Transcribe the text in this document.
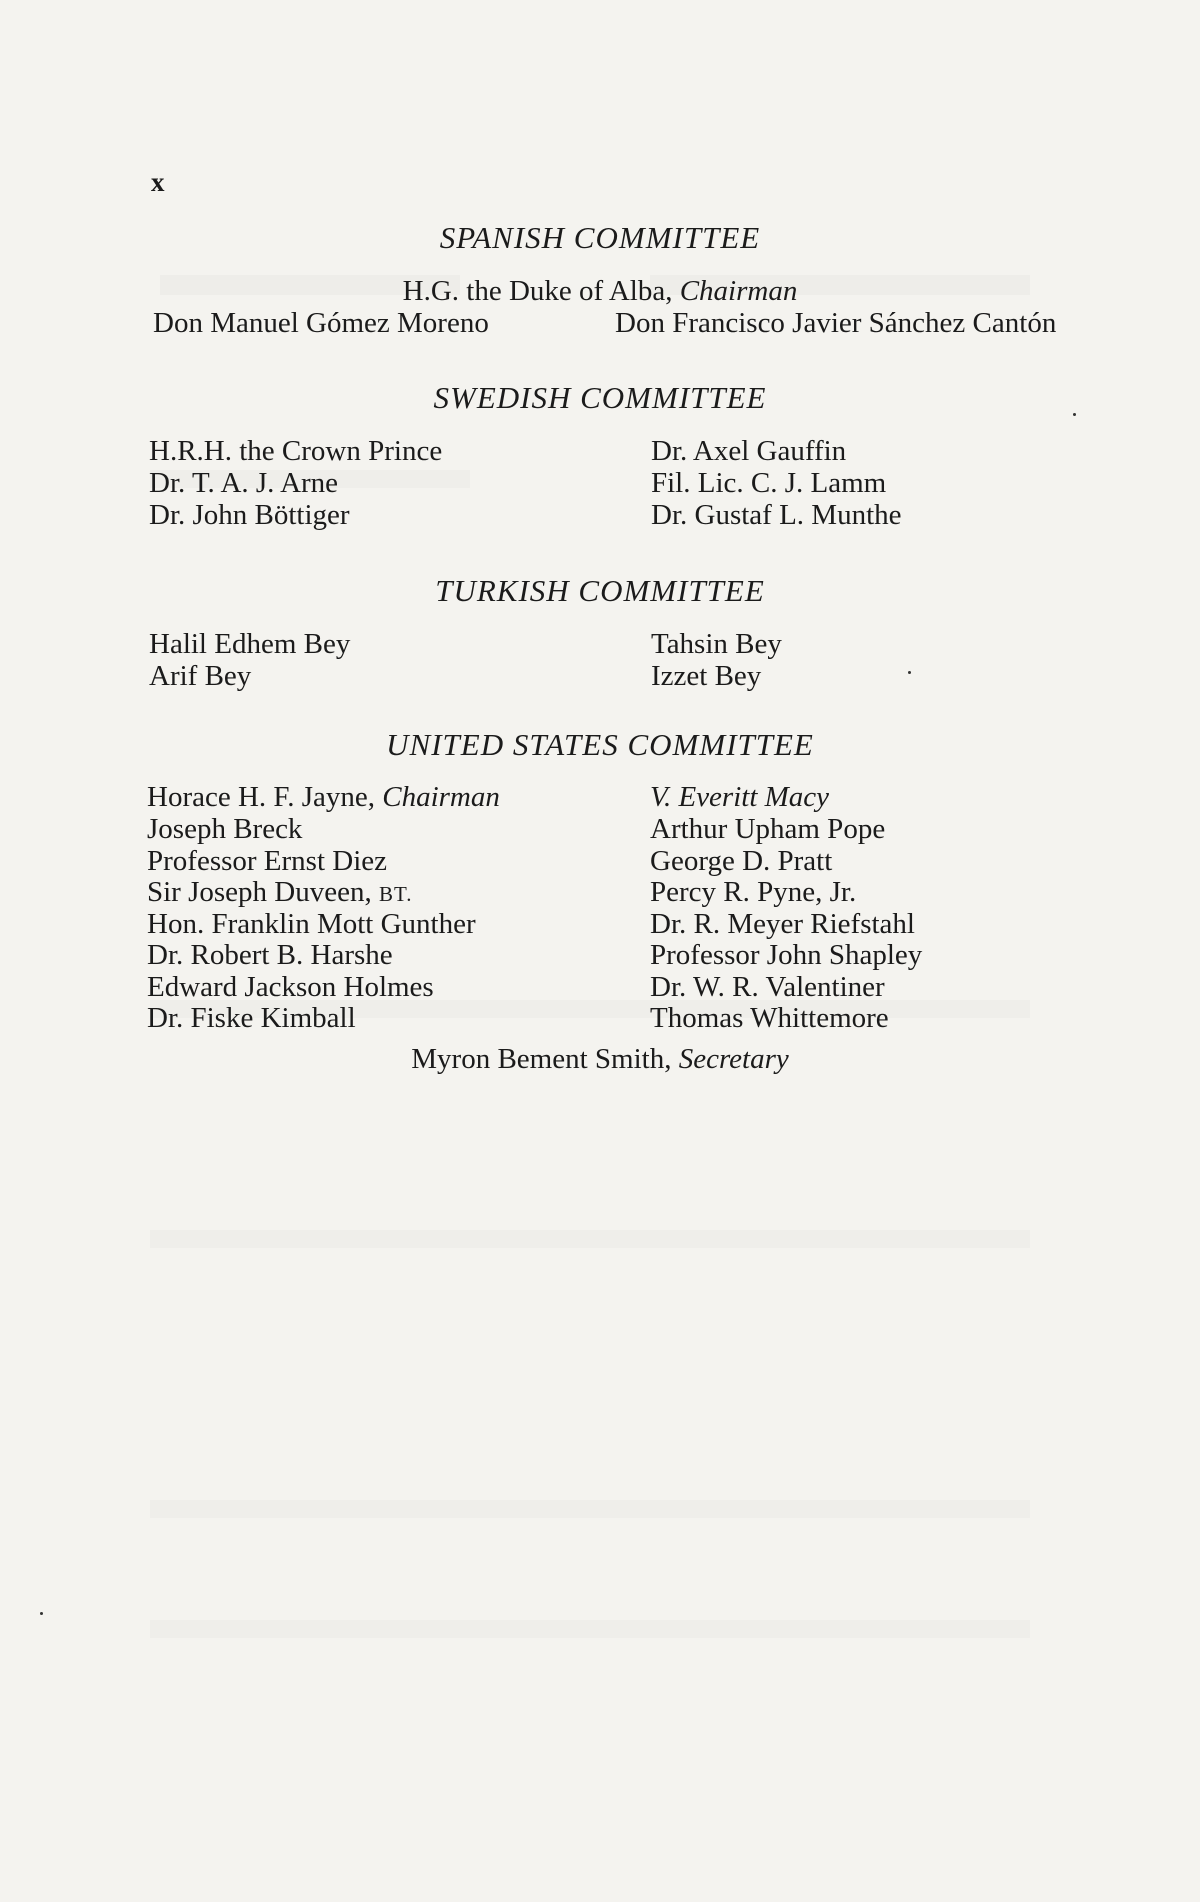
x
SPANISH COMMITTEE
H.G. the Duke of Alba, Chairman
Don Manuel Gómez Moreno	Don Francisco Javier Sánchez Cantón
SWEDISH COMMITTEE
H.R.H. the Crown Prince
Dr. T. A. J. Arne
Dr. John Böttiger
Dr. Axel Gauffin
Fil. Lic. C. J. Lamm
Dr. Gustaf L. Munthe
TURKISH COMMITTEE
Halil Edhem Bey
Arif Bey
Tahsin Bey
Izzet Bey
UNITED STATES COMMITTEE
Horace H. F. Jayne, Chairman
Joseph Breck
Professor Ernst Diez
Sir Joseph Duveen, BT.
Hon. Franklin Mott Gunther
Dr. Robert B. Harshe
Edward Jackson Holmes
Dr. Fiske Kimball
V. Everitt Macy
Arthur Upham Pope
George D. Pratt
Percy R. Pyne, Jr.
Dr. R. Meyer Riefstahl
Professor John Shapley
Dr. W. R. Valentiner
Thomas Whittemore
Myron Bement Smith, Secretary
